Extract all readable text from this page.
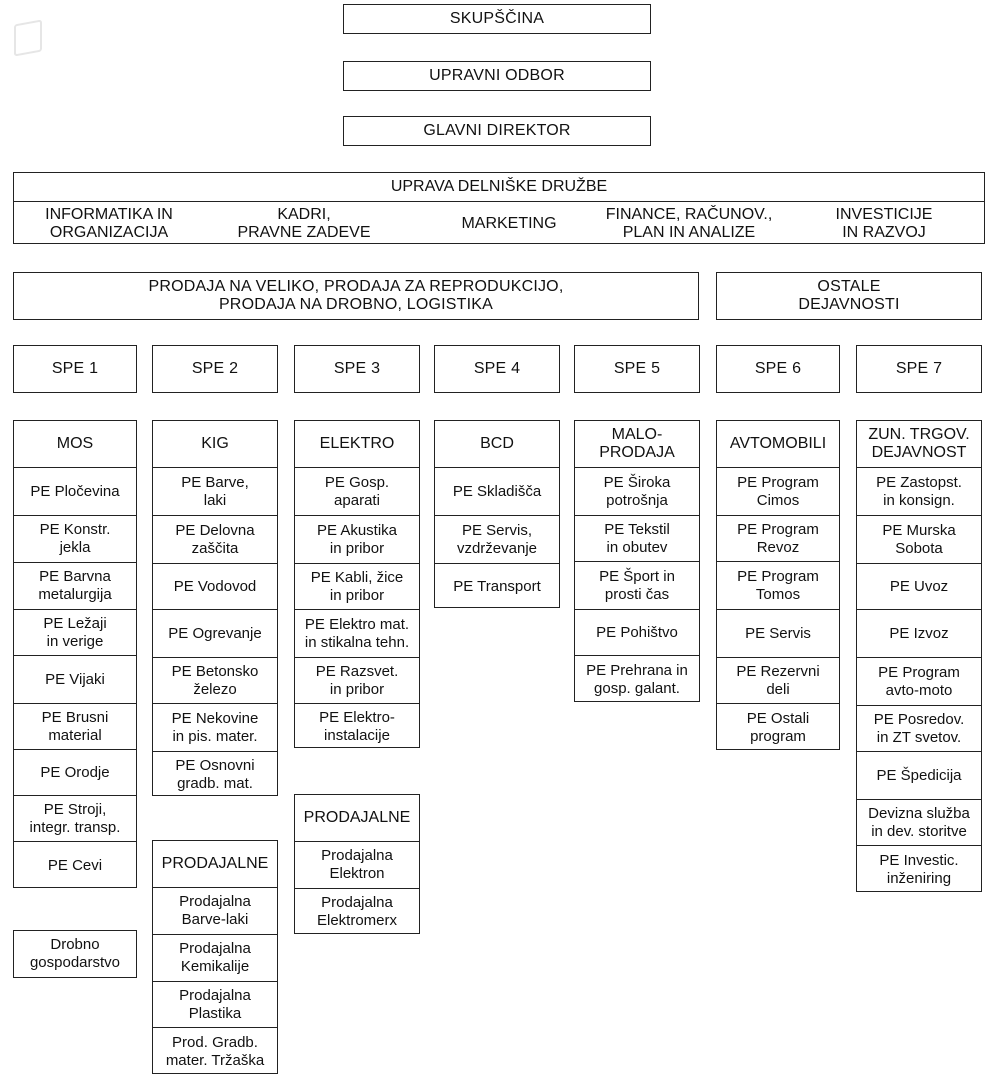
SKUPŠČINA
UPRAVNI ODBOR
GLAVNI DIREKTOR
UPRAVA DELNIŠKE DRUŽBE
INFORMATIKA IN
ORGANIZACIJA
KADRI,
PRAVNE ZADEVE
MARKETING
FINANCE, RAČUNOV.,
PLAN IN ANALIZE
INVESTICIJE
IN RAZVOJ
PRODAJA NA VELIKO, PRODAJA ZA REPRODUKCIJO,
PRODAJA NA DROBNO, LOGISTIKA
OSTALE
DEJAVNOSTI
SPE 1	SPE 2	SPE 3	SPE 4	SPE 5	SPE 6	SPE 7
MOS
PE Pločevina
PE Konstr.
jekla
PE Barvna
metalurgija
PE Ležaji
in verige
PE Vijaki
PE Brusni
material
PE Orodje
PE Stroji,
integr. transp.
PE Cevi
Drobno
gospodarstvo
KIG
PE Barve,
laki
PE Delovna
zaščita
PE Vodovod
PE Ogrevanje
PE Betonsko
železo
PE Nekovine
in pis. mater.
PE Osnovni
gradb. mat.
PRODAJALNE
Prodajalna
Barve-laki
Prodajalna
Kemikalije
Prodajalna
Plastika
Prod. Gradb.
mater. Tržaška
ELEKTRO
PE Gosp.
aparati
PE Akustika
in pribor
PE Kabli, žice
in pribor
PE Elektro mat.
in stikalna tehn.
PE Razsvet.
in pribor
PE Elektro-
instalacije
PRODAJALNE
Prodajalna
Elektron
Prodajalna
Elektromerx
BCD
PE Skladišča
PE Servis,
vzdrževanje
PE Transport
MALO-
PRODAJA
PE Široka
potrošnja
PE Tekstil
in obutev
PE Šport in
prosti čas
PE Pohištvo
PE Prehrana in
gosp. galant.
AVTOMOBILI
PE Program
Cimos
PE Program
Revoz
PE Program
Tomos
PE Servis
PE Rezervni
deli
PE Ostali
program
ZUN. TRGOV.
DEJAVNOST
PE Zastopst.
in konsign.
PE Murska
Sobota
PE Uvoz
PE Izvoz
PE Program
avto-moto
PE Posredov.
in ZT svetov.
PE Špedicija
Devizna služba
in dev. storitve
PE Investic.
inženiring
